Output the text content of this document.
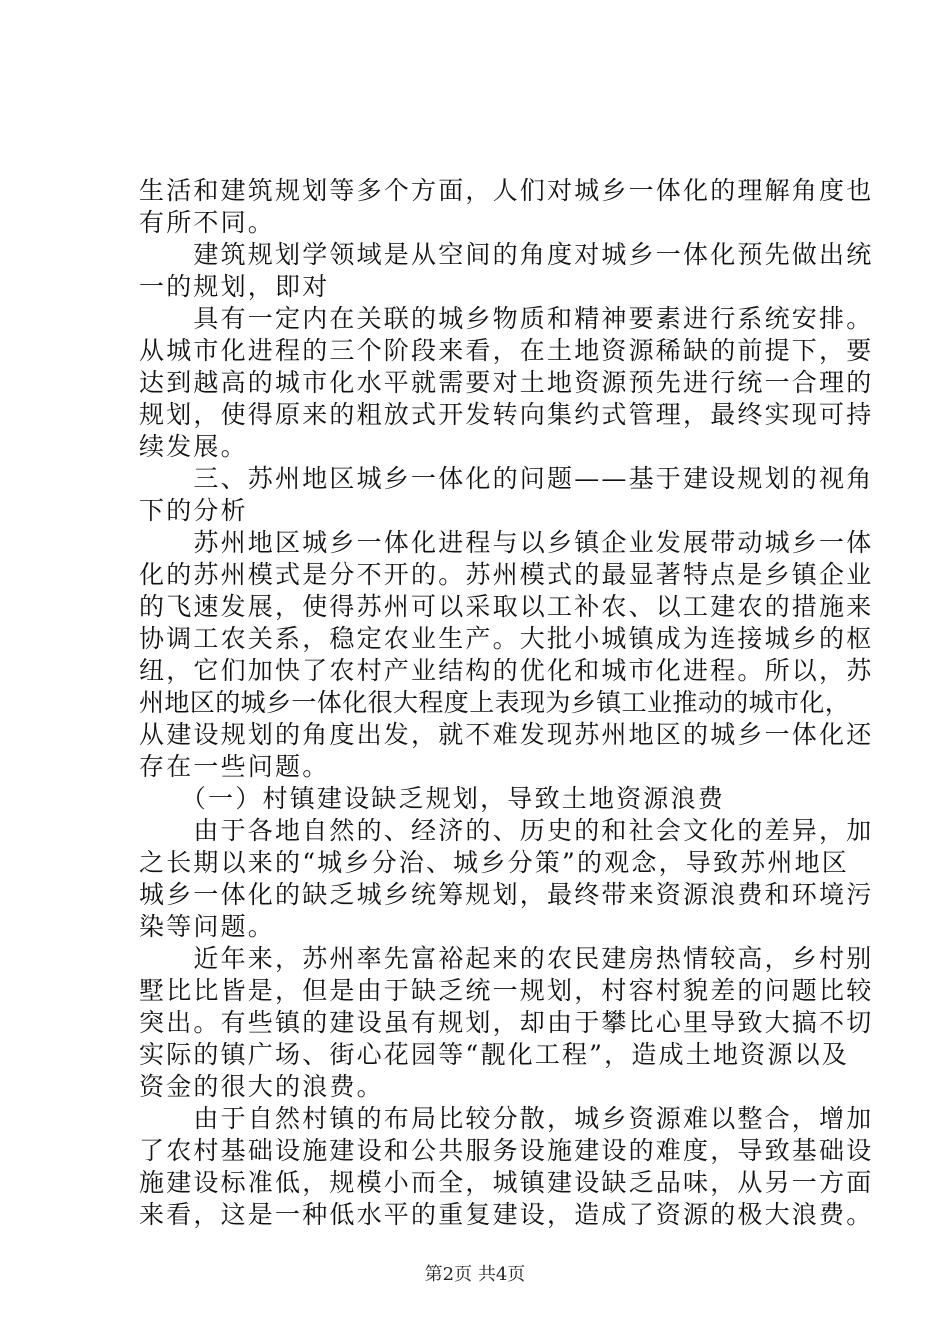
生活和建筑规划等多个方面，人们对城乡一体化的理解角度也
有所不同。
　　建筑规划学领域是从空间的角度对城乡一体化预先做出统
一的规划，即对
　　具有一定内在关联的城乡物质和精神要素进行系统安排。
从城市化进程的三个阶段来看，在土地资源稀缺的前提下，要
达到越高的城市化水平就需要对土地资源预先进行统一合理的
规划，使得原来的粗放式开发转向集约式管理，最终实现可持
续发展。
　　三、苏州地区城乡一体化的问题——基于建设规划的视角
下的分析
　　苏州地区城乡一体化进程与以乡镇企业发展带动城乡一体
化的苏州模式是分不开的。苏州模式的最显著特点是乡镇企业
的飞速发展，使得苏州可以采取以工补农、以工建农的措施来
协调工农关系，稳定农业生产。大批小城镇成为连接城乡的枢
纽，它们加快了农村产业结构的优化和城市化进程。所以，苏
州地区的城乡一体化很大程度上表现为乡镇工业推动的城市化，
从建设规划的角度出发，就不难发现苏州地区的城乡一体化还
存在一些问题。
　　（一）村镇建设缺乏规划，导致土地资源浪费
　　由于各地自然的、经济的、历史的和社会文化的差异，加
之长期以来的“城乡分治、城乡分策”的观念，导致苏州地区
城乡一体化的缺乏城乡统筹规划，最终带来资源浪费和环境污
染等问题。
　　近年来，苏州率先富裕起来的农民建房热情较高，乡村别
墅比比皆是，但是由于缺乏统一规划，村容村貌差的问题比较
突出。有些镇的建设虽有规划，却由于攀比心里导致大搞不切
实际的镇广场、街心花园等“靓化工程”，造成土地资源以及
资金的很大的浪费。
　　由于自然村镇的布局比较分散，城乡资源难以整合，增加
了农村基础设施建设和公共服务设施建设的难度，导致基础设
施建设标准低，规模小而全，城镇建设缺乏品味，从另一方面
来看，这是一种低水平的重复建设，造成了资源的极大浪费。
第2页 共4页
